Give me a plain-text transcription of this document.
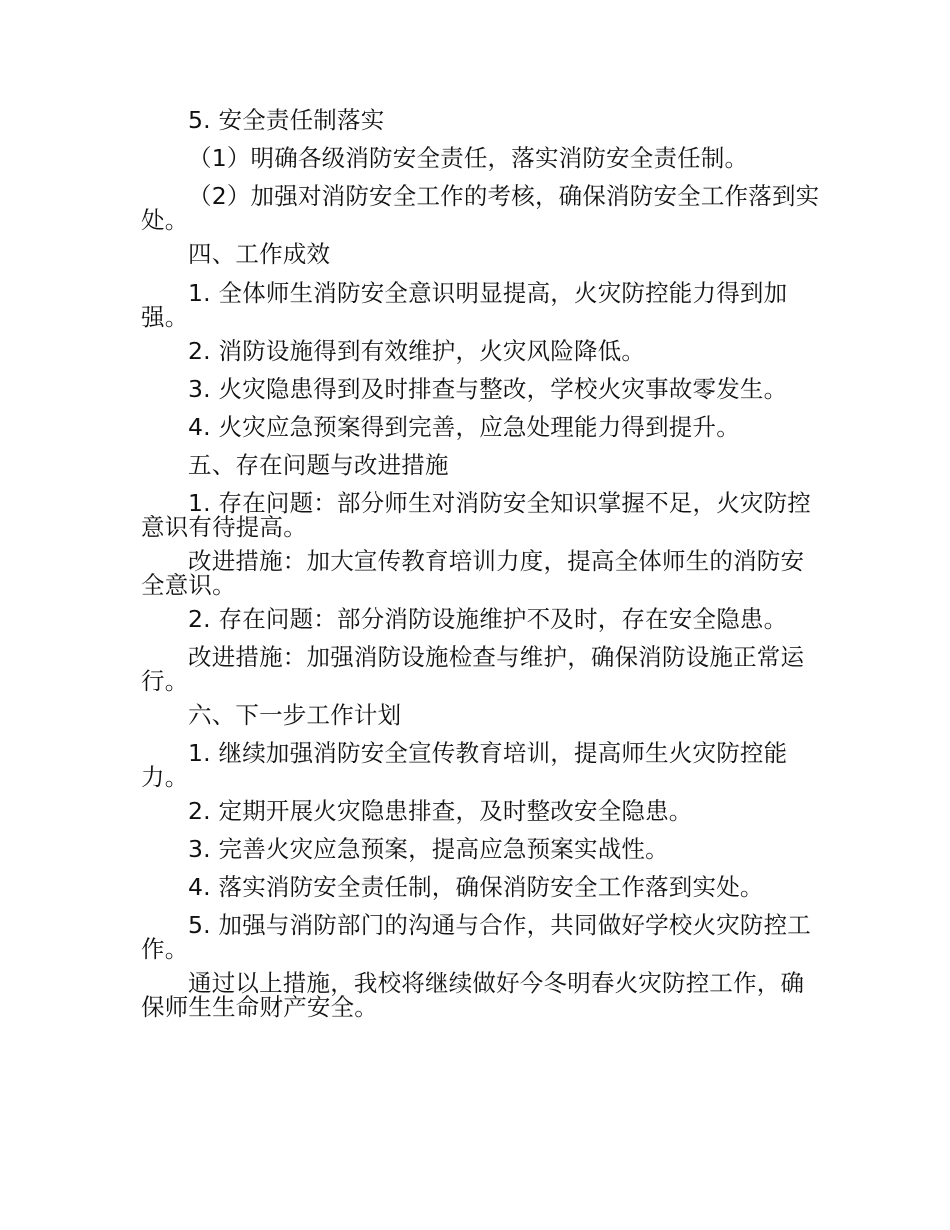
5. 安全责任制落实

（1）明确各级消防安全责任，落实消防安全责任制。

（2）加强对消防安全工作的考核，确保消防安全工作落到实处。

四、工作成效

1. 全体师生消防安全意识明显提高，火灾防控能力得到加强。

2. 消防设施得到有效维护，火灾风险降低。

3. 火灾隐患得到及时排查与整改，学校火灾事故零发生。

4. 火灾应急预案得到完善，应急处理能力得到提升。

五、存在问题与改进措施

1. 存在问题：部分师生对消防安全知识掌握不足，火灾防控意识有待提高。

改进措施：加大宣传教育培训力度，提高全体师生的消防安全意识。

2. 存在问题：部分消防设施维护不及时，存在安全隐患。

改进措施：加强消防设施检查与维护，确保消防设施正常运行。

六、下一步工作计划

1. 继续加强消防安全宣传教育培训，提高师生火灾防控能力。

2. 定期开展火灾隐患排查，及时整改安全隐患。

3. 完善火灾应急预案，提高应急预案实战性。

4. 落实消防安全责任制，确保消防安全工作落到实处。

5. 加强与消防部门的沟通与合作，共同做好学校火灾防控工作。

通过以上措施，我校将继续做好今冬明春火灾防控工作，确保师生生命财产安全。
